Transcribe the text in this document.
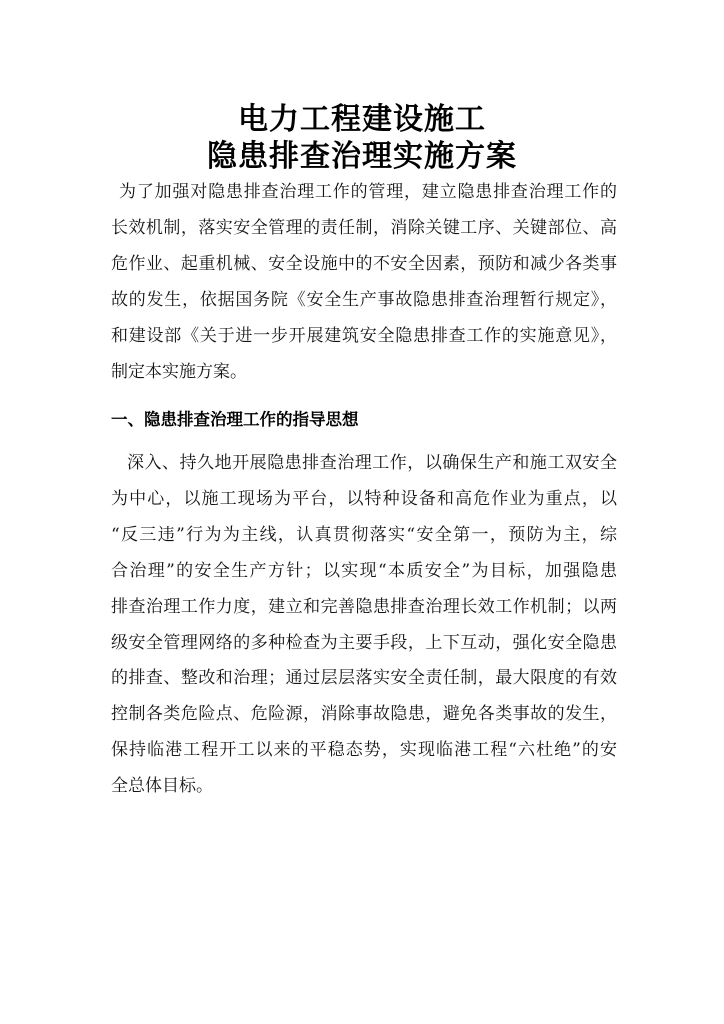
电力工程建设施工
隐患排查治理实施方案
为了加强对隐患排查治理工作的管理，建立隐患排查治理工作的
长效机制，落实安全管理的责任制，消除关键工序、关键部位、高
危作业、起重机械、安全设施中的不安全因素，预防和减少各类事
故的发生，依据国务院《安全生产事故隐患排查治理暂行规定》，
和建设部《关于进一步开展建筑安全隐患排查工作的实施意见》，
制定本实施方案。
一、隐患排查治理工作的指导思想
深入、持久地开展隐患排查治理工作，以确保生产和施工双安全
为中心，以施工现场为平台，以特种设备和高危作业为重点，以
“反三违”行为为主线，认真贯彻落实“安全第一，预防为主，综
合治理”的安全生产方针；以实现“本质安全”为目标，加强隐患
排查治理工作力度，建立和完善隐患排查治理长效工作机制；以两
级安全管理网络的多种检查为主要手段，上下互动，强化安全隐患
的排查、整改和治理；通过层层落实安全责任制，最大限度的有效
控制各类危险点、危险源，消除事故隐患，避免各类事故的发生，
保持临港工程开工以来的平稳态势，实现临港工程“六杜绝”的安
全总体目标。
